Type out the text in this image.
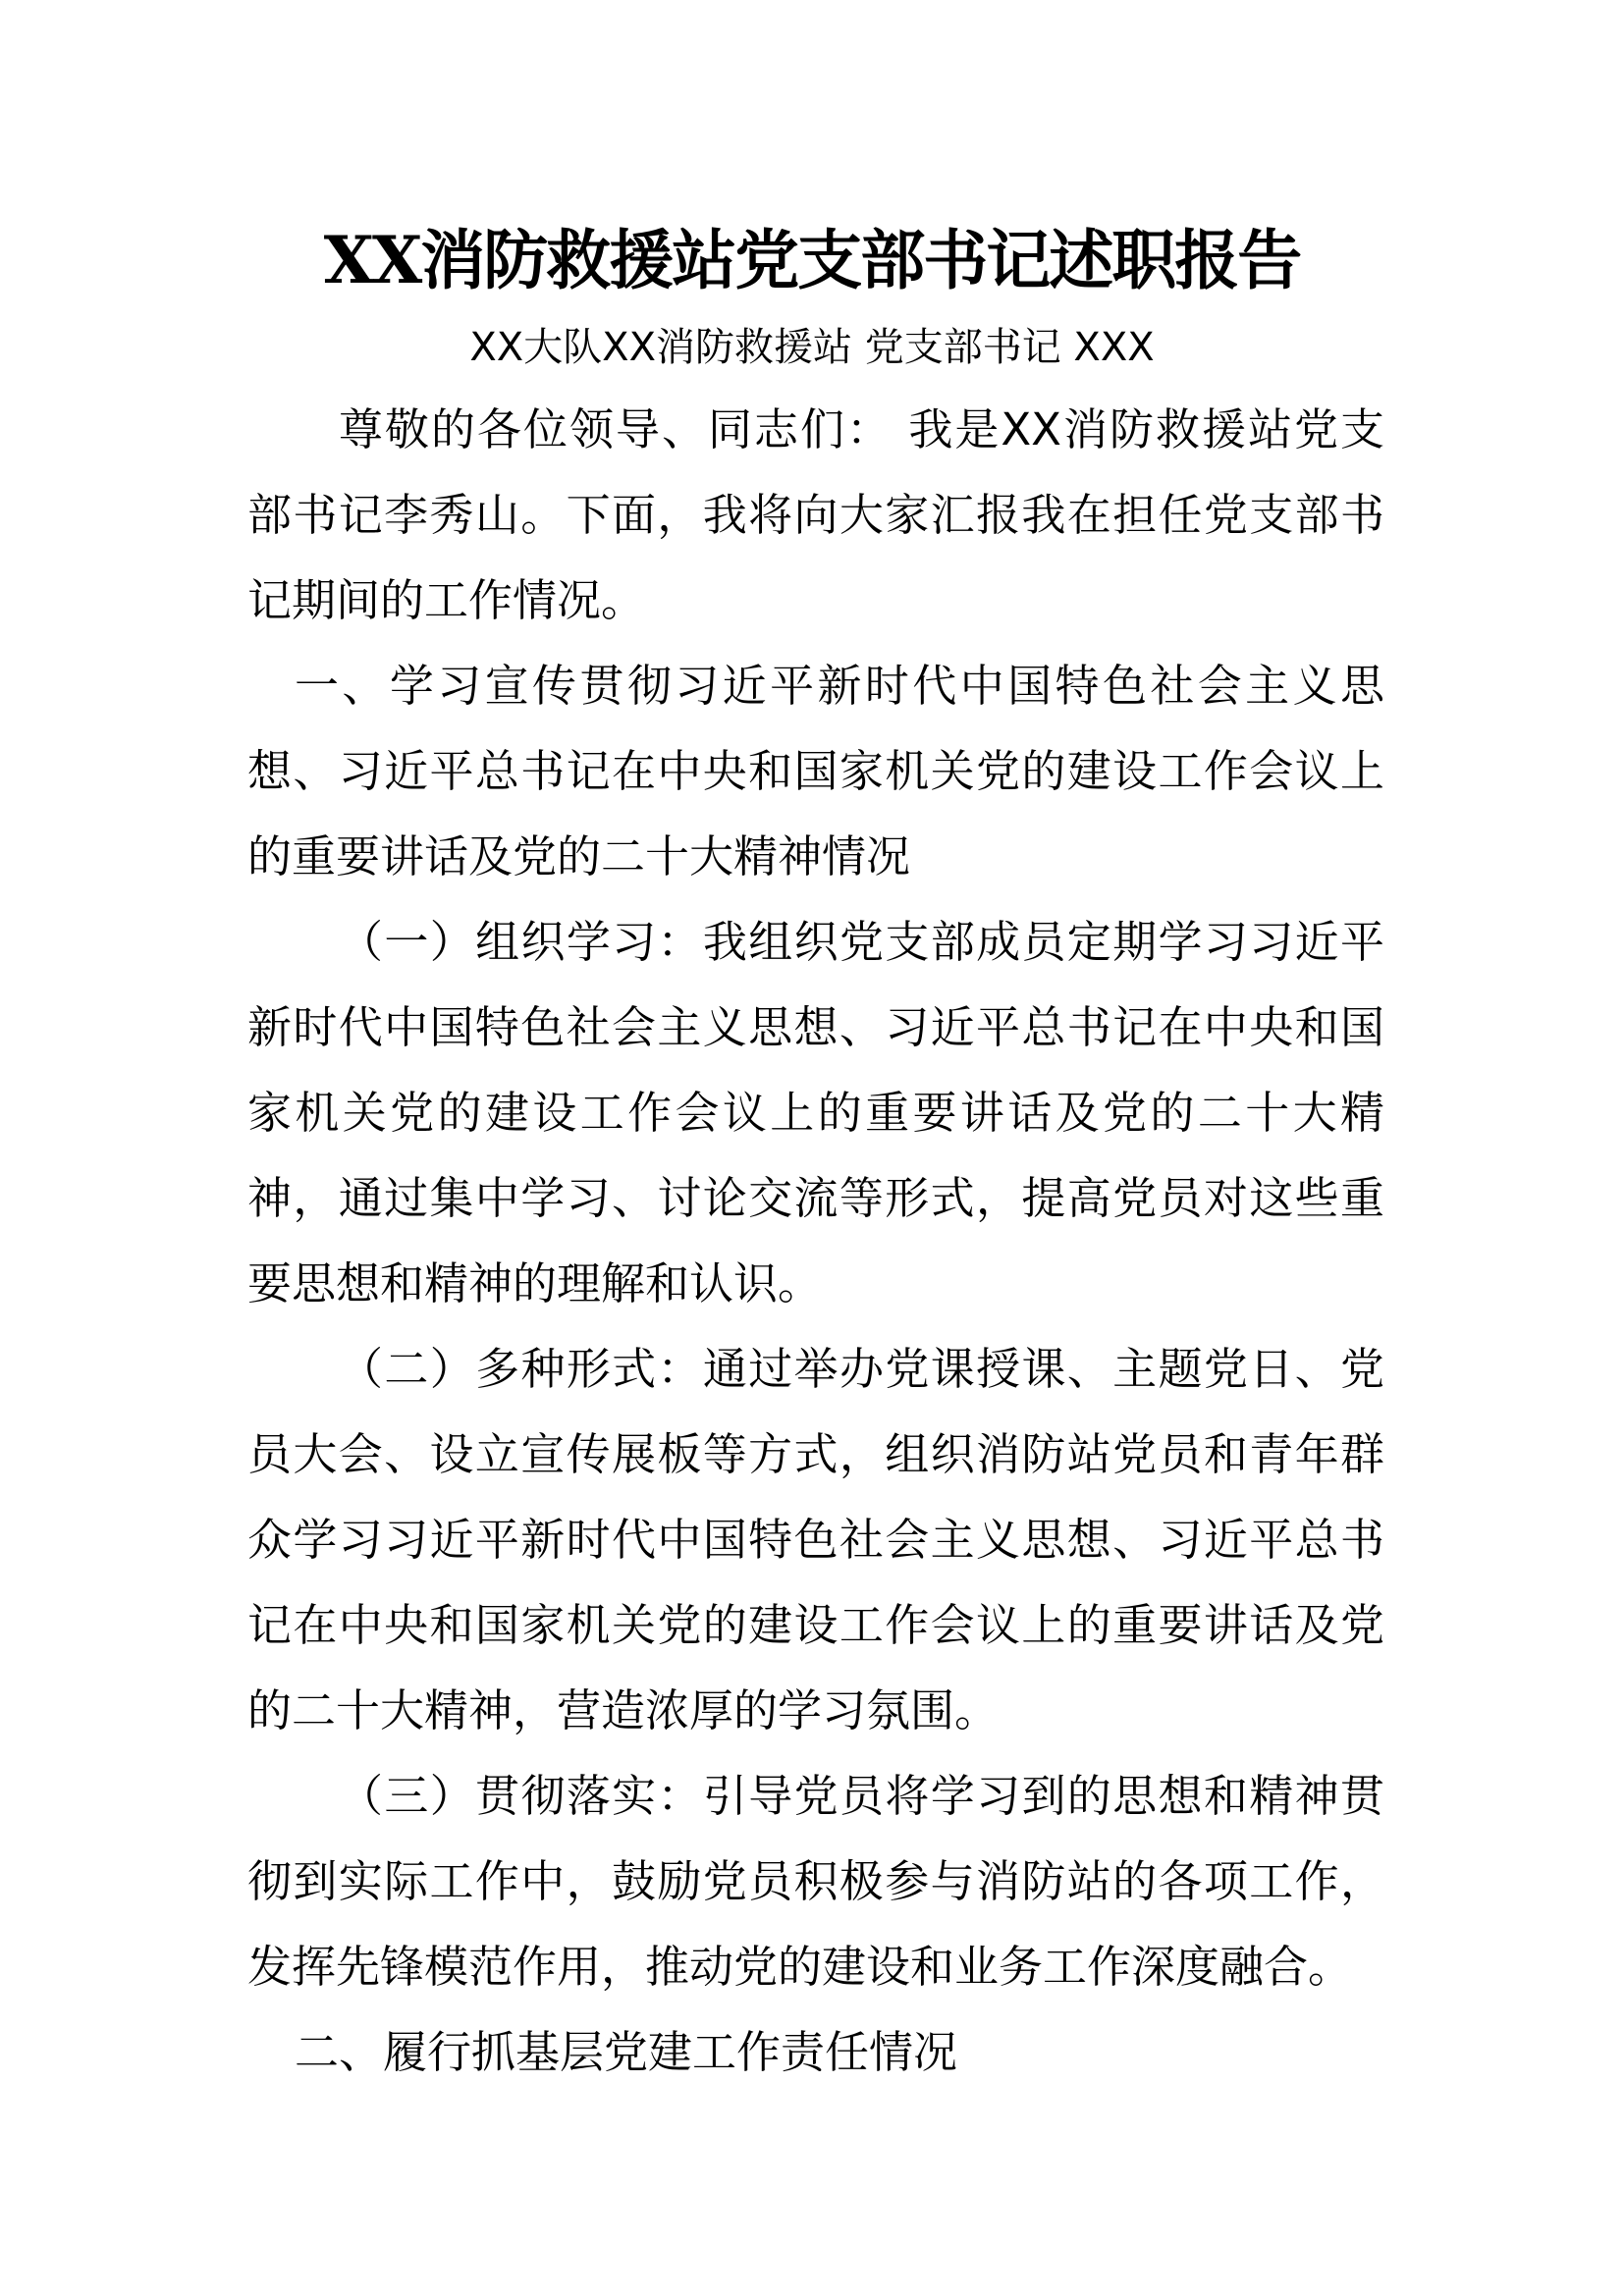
XX消防救援站党支部书记述职报告
XX大队XX消防救援站 党支部书记 XXX
尊敬的各位领导、同志们： 我是XX消防救援站党支
部书记李秀山。下面，我将向大家汇报我在担任党支部书
记期间的工作情况。
一、学习宣传贯彻习近平新时代中国特色社会主义思
想、习近平总书记在中央和国家机关党的建设工作会议上
的重要讲话及党的二十大精神情况
（一）组织学习：我组织党支部成员定期学习习近平
新时代中国特色社会主义思想、习近平总书记在中央和国
家机关党的建设工作会议上的重要讲话及党的二十大精
神，通过集中学习、讨论交流等形式，提高党员对这些重
要思想和精神的理解和认识。
（二）多种形式：通过举办党课授课、主题党日、党
员大会、设立宣传展板等方式，组织消防站党员和青年群
众学习习近平新时代中国特色社会主义思想、习近平总书
记在中央和国家机关党的建设工作会议上的重要讲话及党
的二十大精神，营造浓厚的学习氛围。
（三）贯彻落实：引导党员将学习到的思想和精神贯
彻到实际工作中，鼓励党员积极参与消防站的各项工作，
发挥先锋模范作用，推动党的建设和业务工作深度融合。
二、履行抓基层党建工作责任情况
